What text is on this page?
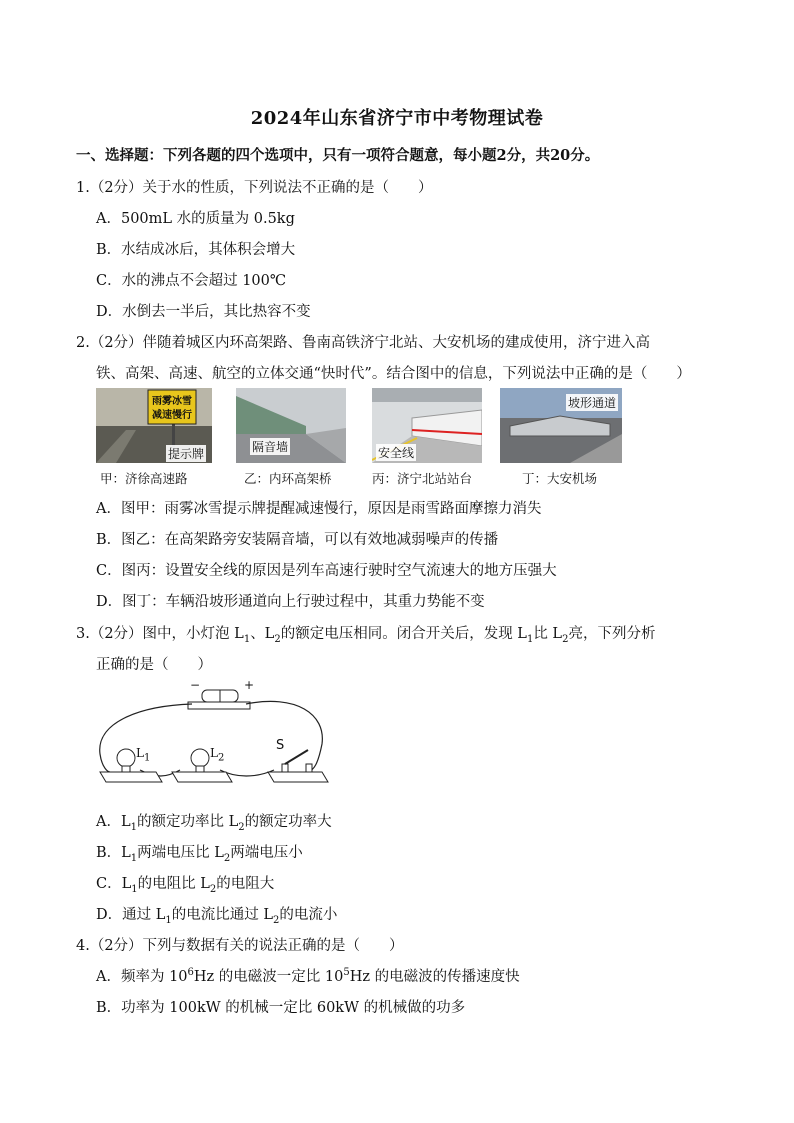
2024年山东省济宁市中考物理试卷
一、选择题：下列各题的四个选项中，只有一项符合题意，每小题2分，共20分。
1.（2分）关于水的性质，下列说法不正确的是（　　）
A．500mL 水的质量为 0.5kg
B．水结成冰后，其体积会增大
C．水的沸点不会超过 100℃
D．水倒去一半后，其比热容不变
2.（2分）伴随着城区内环高架路、鲁南高铁济宁北站、大安机场的建成使用，济宁进入高
铁、高架、高速、航空的立体交通“快时代”。结合图中的信息，下列说法中正确的是（　　）
雨雾冰雪
减速慢行
提示牌	隔音墙	安全线
坡形通道
甲：济徐高速路	乙：内环高架桥	丙：济宁北站站台	丁：大安机场
A．图甲：雨雾冰雪提示牌提醒减速慢行，原因是雨雪路面摩擦力消失
B．图乙：在高架路旁安装隔音墙，可以有效地减弱噪声的传播
C．图丙：设置安全线的原因是列车高速行驶时空气流速大的地方压强大
D．图丁：车辆沿坡形通道向上行驶过程中，其重力势能不变
3.（2分）图中，小灯泡 $L_1$、$L_2$的额定电压相同。闭合开关后，发现 $L_1$比 $L_2$亮，下列分析
正确的是（　　）
−	+
S
$L_1$	$L_2$
A．$L_1$的额定功率比 $L_2$的额定功率大
B．$L_1$两端电压比 $L_2$两端电压小
C．$L_1$的电阻比 $L_2$的电阻大
D．通过 $L_1$的电流比通过 $L_2$的电流小
4.（2分）下列与数据有关的说法正确的是（　　）
A．频率为 $10^6Hz$ 的电磁波一定比 $10^5Hz$ 的电磁波的传播速度快
B．功率为 100kW 的机械一定比 60kW 的机械做的功多
